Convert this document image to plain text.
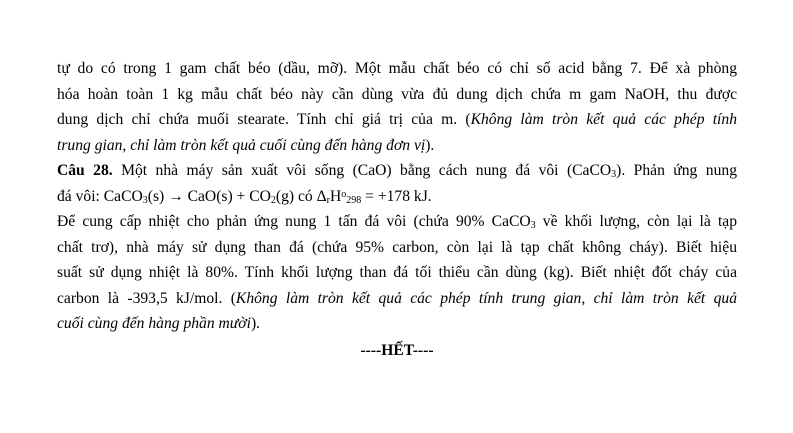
tự do có trong 1 gam chất béo (dầu, mỡ). Một mẫu chất béo có chỉ số acid bằng 7. Để xà phòng
hóa hoàn toàn 1 kg mẫu chất béo này cần dùng vừa đủ dung dịch chứa m gam NaOH, thu được
dung dịch chỉ chứa muối stearate. Tính chỉ giá trị của m. (Không làm tròn kết quả các phép tính
trung gian, chỉ làm tròn kết quả cuối cùng đến hàng đơn vị).
Câu 28. Một nhà máy sản xuất vôi sống (CaO) bằng cách nung đá vôi (CaCO$_3$). Phản ứng nung
đá vôi: CaCO$_3$(s) → $CaO(s) + CO_2(g)$ có $\Delta_rH^o_{298} = +178$ kJ.
Để cung cấp nhiệt cho phản ứng nung 1 tấn đá vôi (chứa 90% CaCO$_3$ về khối lượng, còn lại là tạp
chất trơ), nhà máy sử dụng than đá (chứa 95% carbon, còn lại là tạp chất không cháy). Biết hiệu
suất sử dụng nhiệt là 80%. Tính khối lượng than đá tối thiểu cần dùng (kg). Biết nhiệt đốt cháy của
carbon là -393,5 kJ/mol. (Không làm tròn kết quả các phép tính trung gian, chỉ làm tròn kết quả
cuối cùng đến hàng phần mười).
----HẾT----
